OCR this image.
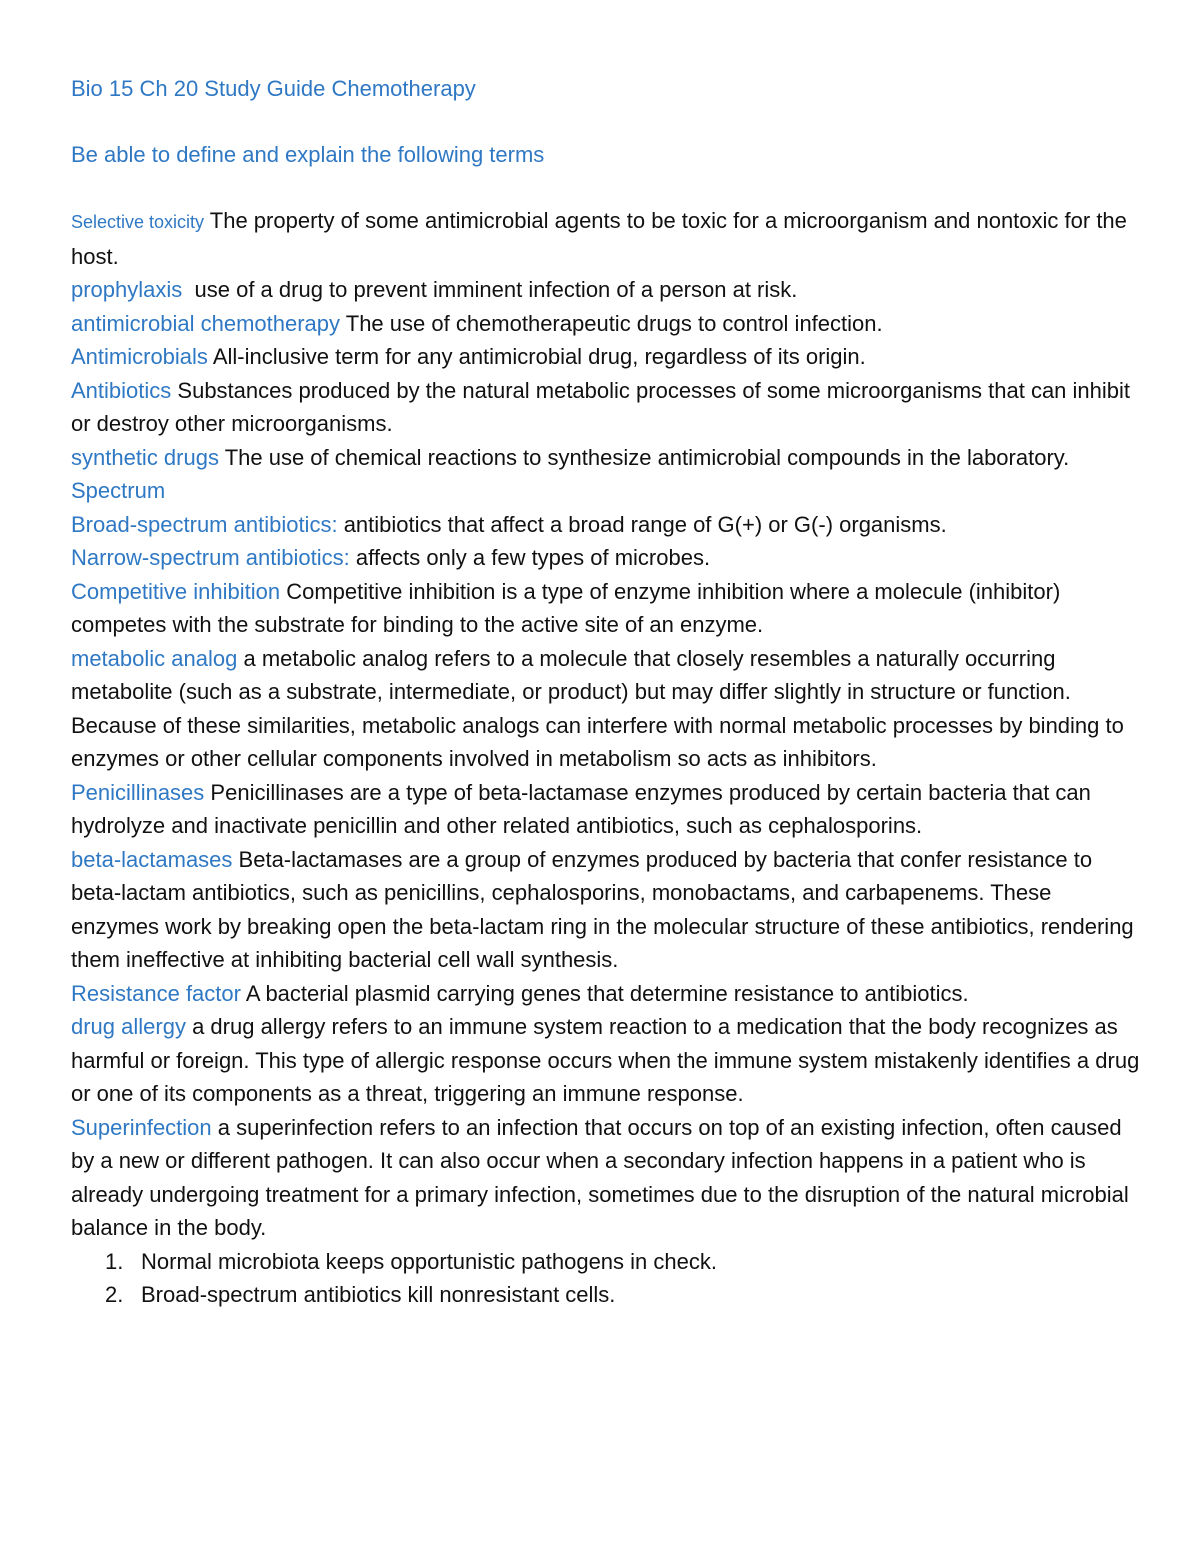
Bio 15 Ch 20 Study Guide Chemotherapy

Be able to define and explain the following terms

Selective toxicity The property of some antimicrobial agents to be toxic for a microorganism and nontoxic for the host.

prophylaxis  use of a drug to prevent imminent infection of a person at risk.

antimicrobial chemotherapy The use of chemotherapeutic drugs to control infection.

Antimicrobials All-inclusive term for any antimicrobial drug, regardless of its origin.

Antibiotics Substances produced by the natural metabolic processes of some microorganisms that can inhibit or destroy other microorganisms.

synthetic drugs The use of chemical reactions to synthesize antimicrobial compounds in the laboratory.

Spectrum

Broad-spectrum antibiotics: antibiotics that affect a broad range of G(+) or G(-) organisms.

Narrow-spectrum antibiotics: affects only a few types of microbes.

Competitive inhibition Competitive inhibition is a type of enzyme inhibition where a molecule (inhibitor) competes with the substrate for binding to the active site of an enzyme.

metabolic analog a metabolic analog refers to a molecule that closely resembles a naturally occurring metabolite (such as a substrate, intermediate, or product) but may differ slightly in structure or function. Because of these similarities, metabolic analogs can interfere with normal metabolic processes by binding to enzymes or other cellular components involved in metabolism so acts as inhibitors.

Penicillinases Penicillinases are a type of beta-lactamase enzymes produced by certain bacteria that can hydrolyze and inactivate penicillin and other related antibiotics, such as cephalosporins.

beta-lactamases Beta-lactamases are a group of enzymes produced by bacteria that confer resistance to beta-lactam antibiotics, such as penicillins, cephalosporins, monobactams, and carbapenems. These enzymes work by breaking open the beta-lactam ring in the molecular structure of these antibiotics, rendering them ineffective at inhibiting bacterial cell wall synthesis.

Resistance factor A bacterial plasmid carrying genes that determine resistance to antibiotics.

drug allergy a drug allergy refers to an immune system reaction to a medication that the body recognizes as harmful or foreign. This type of allergic response occurs when the immune system mistakenly identifies a drug or one of its components as a threat, triggering an immune response.

Superinfection a superinfection refers to an infection that occurs on top of an existing infection, often caused by a new or different pathogen. It can also occur when a secondary infection happens in a patient who is already undergoing treatment for a primary infection, sometimes due to the disruption of the natural microbial balance in the body.

1. Normal microbiota keeps opportunistic pathogens in check.
2. Broad-spectrum antibiotics kill nonresistant cells.
